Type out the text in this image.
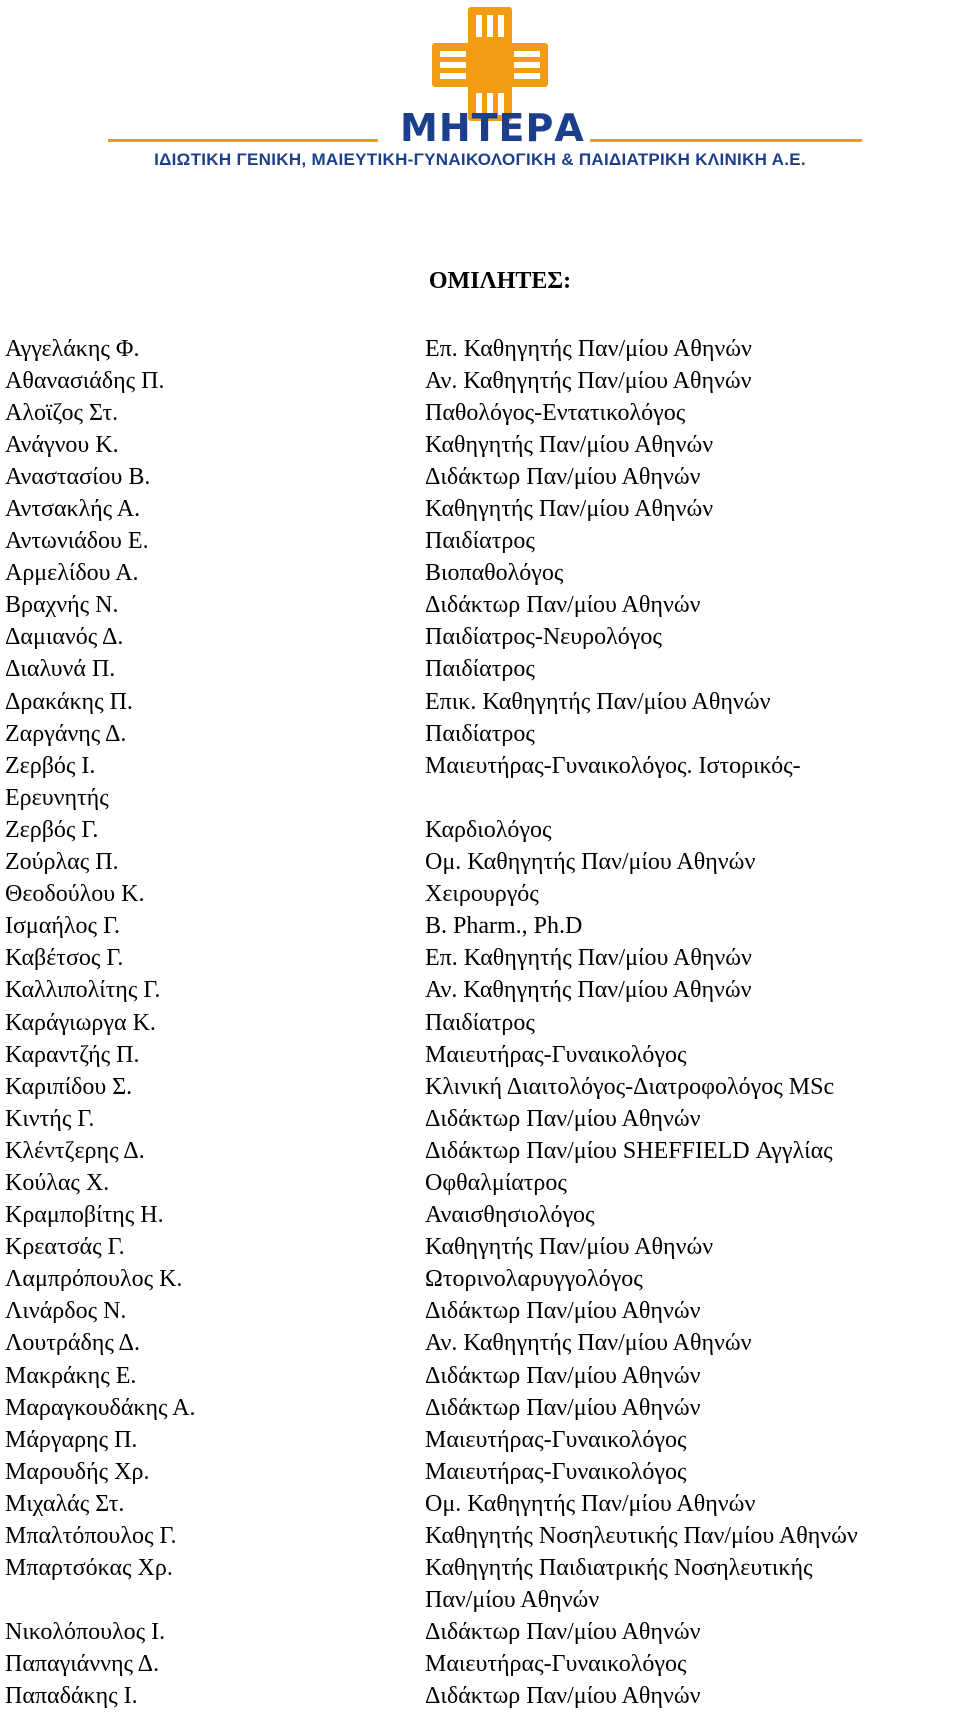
ΜΗΤΕΡΑ
ΙΔΙΩΤΙΚΗ ΓΕΝΙΚΗ, ΜΑΙΕΥΤΙΚΗ-ΓΥΝΑΙΚΟΛΟΓΙΚΗ & ΠΑΙΔΙΑΤΡΙΚΗ ΚΛΙΝΙΚΗ Α.Ε.
ΟΜΙΛΗΤΕΣ:
Αγγελάκης Φ.	Επ. Καθηγητής Παν/μίου Αθηνών
Αθανασιάδης Π.	Αν. Καθηγητής Παν/μίου Αθηνών
Αλοϊζος Στ.	Παθολόγος-Εντατικολόγος
Ανάγνου Κ.	Καθηγητής Παν/μίου Αθηνών
Αναστασίου Β.	Διδάκτωρ Παν/μίου Αθηνών
Αντσακλής Α.	Καθηγητής Παν/μίου Αθηνών
Αντωνιάδου Ε.	Παιδίατρος
Αρμελίδου Α.	Βιοπαθολόγος
Βραχνής Ν.	Διδάκτωρ Παν/μίου Αθηνών
Δαμιανός Δ.	Παιδίατρος-Νευρολόγος
Διαλυνά Π.	Παιδίατρος
Δρακάκης Π.	Επικ. Καθηγητής Παν/μίου Αθηνών
Ζαργάνης Δ.	Παιδίατρος
Ζερβός Ι.	Μαιευτήρας-Γυναικολόγος. Ιστορικός-
Ερευνητής
Ζερβός Γ.	Καρδιολόγος
Ζούρλας Π.	Ομ. Καθηγητής Παν/μίου Αθηνών
Θεοδούλου Κ.	Χειρουργός
Ισμαήλος Γ.	B. Pharm., Ph.D
Καβέτσος Γ.	Επ. Καθηγητής Παν/μίου Αθηνών
Καλλιπολίτης Γ.	Αν. Καθηγητής Παν/μίου Αθηνών
Καράγιωργα Κ.	Παιδίατρος
Καραντζής Π.	Μαιευτήρας-Γυναικολόγος
Καριπίδου Σ.	Κλινική Διαιτολόγος-Διατροφολόγος MSc
Κιντής Γ.	Διδάκτωρ Παν/μίου Αθηνών
Κλέντζερης Δ.	Διδάκτωρ Παν/μίου SHEFFIELD Αγγλίας
Κούλας Χ.	Οφθαλμίατρος
Κραμποβίτης Η.	Αναισθησιολόγος
Κρεατσάς Γ.	Καθηγητής Παν/μίου Αθηνών
Λαμπρόπουλος Κ.	Ωτορινολαρυγγολόγος
Λινάρδος Ν.	Διδάκτωρ Παν/μίου Αθηνών
Λουτράδης Δ.	Αν. Καθηγητής Παν/μίου Αθηνών
Μακράκης Ε.	Διδάκτωρ Παν/μίου Αθηνών
Μαραγκουδάκης Α.	Διδάκτωρ Παν/μίου Αθηνών
Μάργαρης Π.	Μαιευτήρας-Γυναικολόγος
Μαρουδής Χρ.	Μαιευτήρας-Γυναικολόγος
Μιχαλάς Στ.	Ομ. Καθηγητής Παν/μίου Αθηνών
Μπαλτόπουλος Γ.	Καθηγητής Νοσηλευτικής Παν/μίου Αθηνών
Μπαρτσόκας Χρ.	Καθηγητής Παιδιατρικής Νοσηλευτικής
Παν/μίου Αθηνών
Νικολόπουλος Ι.	Διδάκτωρ Παν/μίου Αθηνών
Παπαγιάννης Δ.	Μαιευτήρας-Γυναικολόγος
Παπαδάκης Ι.	Διδάκτωρ Παν/μίου Αθηνών
